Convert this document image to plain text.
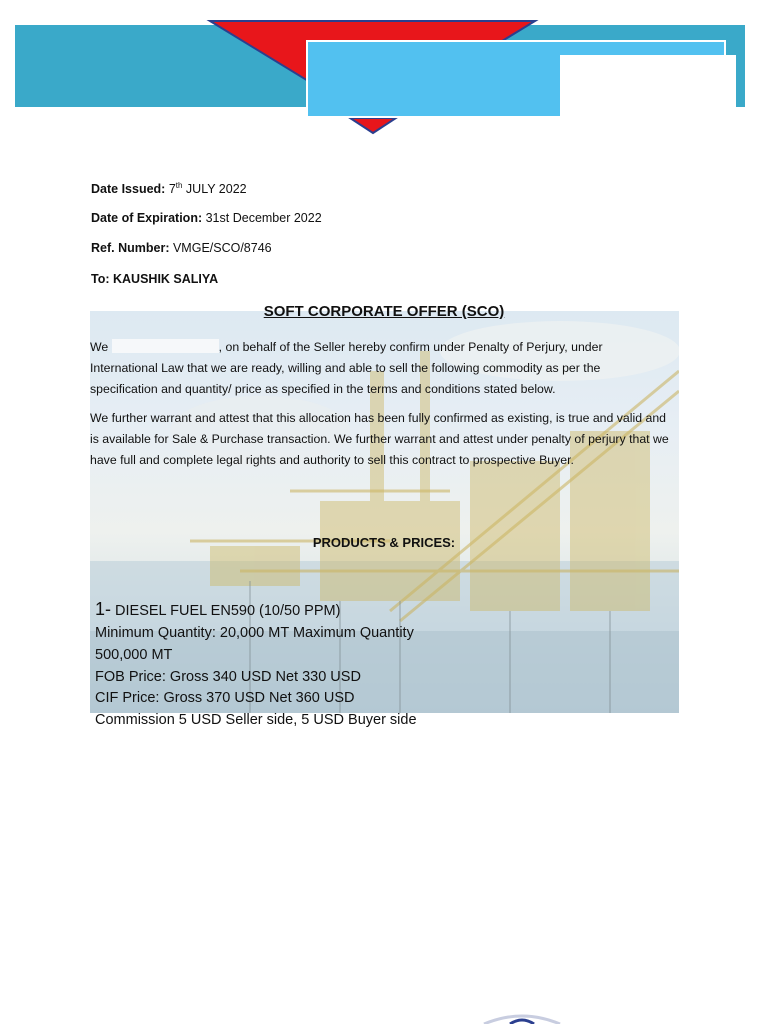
Date Issued: 7th JULY 2022
Date of Expiration: 31st December 2022
Ref. Number: VMGE/SCO/8746
To: KAUSHIK SALIYA
SOFT CORPORATE OFFER (SCO)
We	, on behalf of the Seller hereby confirm under Penalty of Perjury, under International Law that we are ready, willing and able to sell the following commodity as per the specification and quantity/ price as specified in the terms and conditions stated below.
We further warrant and attest that this allocation has been fully confirmed as existing, is true and valid and is available for Sale & Purchase transaction. We further warrant and attest under penalty of perjury that we have full and complete legal rights and authority to sell this contract to prospective Buyer.
PRODUCTS & PRICES:
1- DIESEL FUEL EN590 (10/50 PPM)
Minimum Quantity: 20,000 MT Maximum Quantity
500,000 MT
FOB Price: Gross 340 USD Net 330 USD
CIF Price: Gross 370 USD Net 360 USD
Commission 5 USD Seller side, 5 USD Buyer side
